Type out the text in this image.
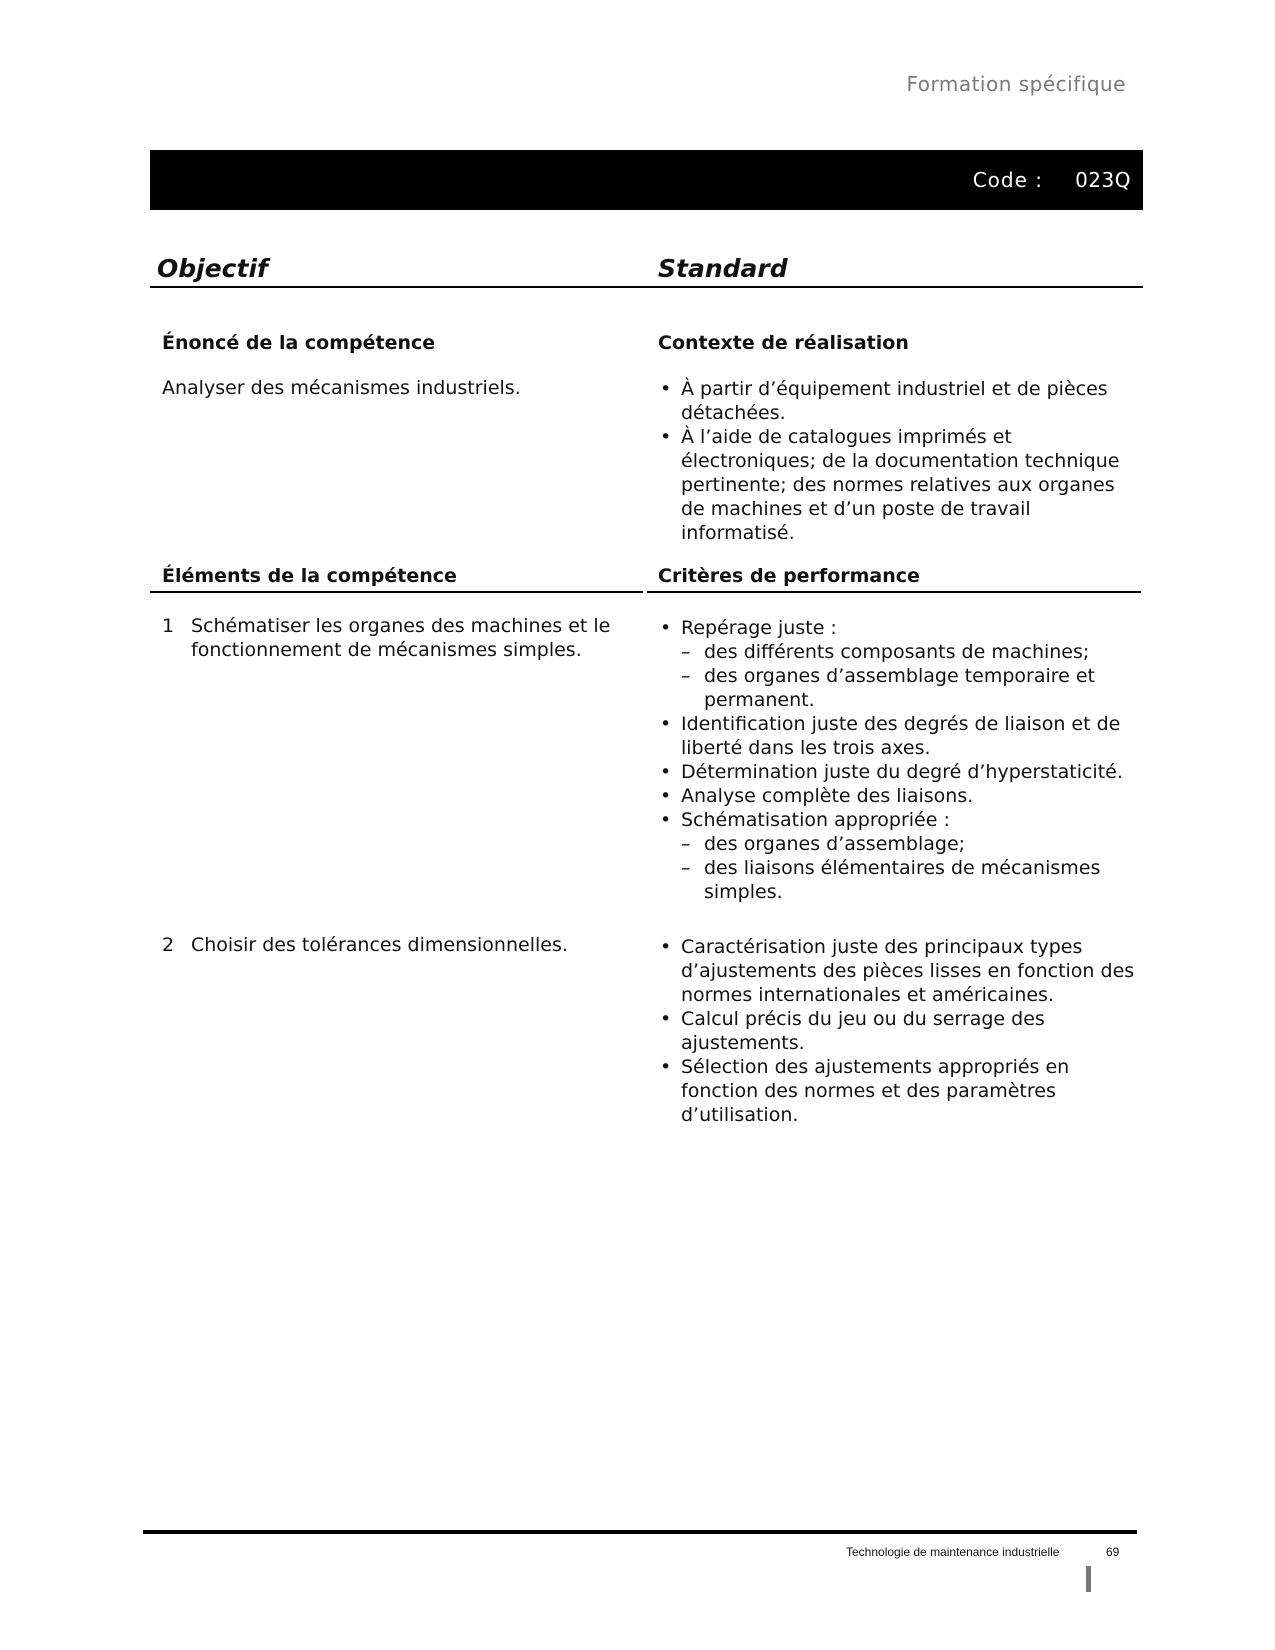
Formation spécifique
Code : 023Q
Objectif	Standard
Énoncé de la compétence
Analyser des mécanismes industriels.
Contexte de réalisation
• À partir d’équipement industriel et de pièces détachées.
• À l’aide de catalogues imprimés et électroniques; de la documentation technique pertinente; des normes relatives aux organes de machines et d’un poste de travail informatisé.
Éléments de la compétence	Critères de performance
1 Schématiser les organes des machines et le fonctionnement de mécanismes simples.
• Repérage juste :
– des différents composants de machines;
– des organes d’assemblage temporaire et permanent.
• Identification juste des degrés de liaison et de liberté dans les trois axes.
• Détermination juste du degré d’hyperstaticité.
• Analyse complète des liaisons.
• Schématisation appropriée :
– des organes d’assemblage;
– des liaisons élémentaires de mécanismes simples.
2 Choisir des tolérances dimensionnelles.
•	Caractérisation juste des principaux types d’ajustements des pièces lisses en fonction des normes internationales et américaines.
• Calcul précis du jeu ou du serrage des ajustements.
• Sélection des ajustements appropriés en fonction des normes et des paramètres d’utilisation.
Technologie de maintenance industrielle	69
